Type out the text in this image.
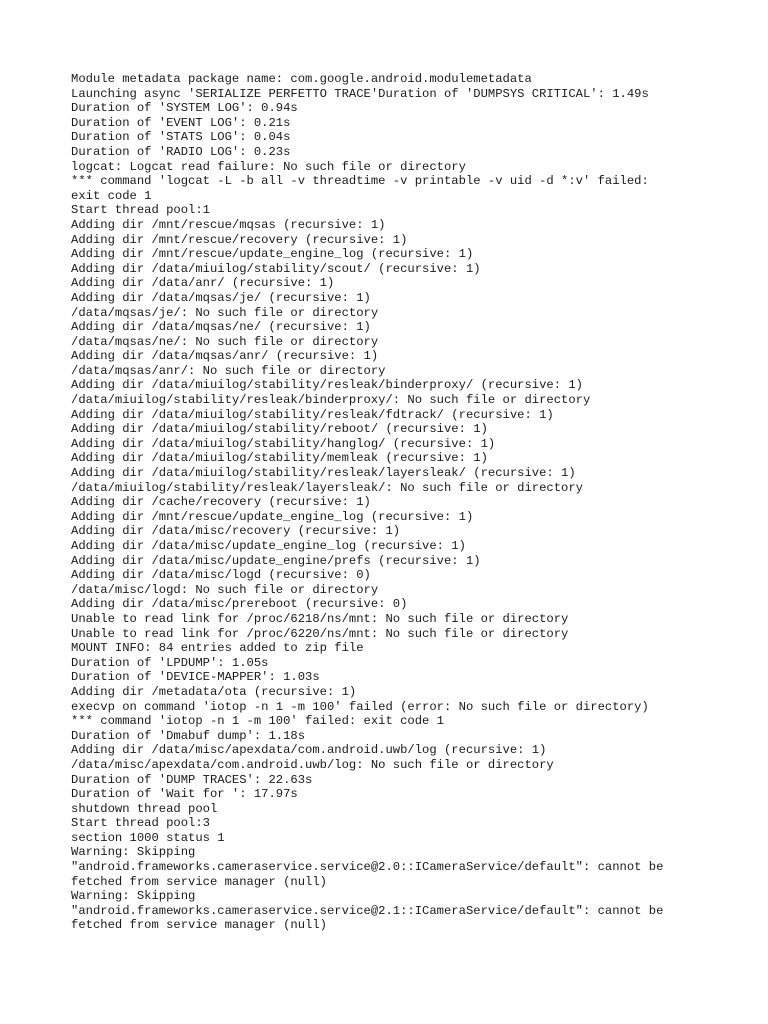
Module metadata package name: com.google.android.modulemetadata
Launching async 'SERIALIZE PERFETTO TRACE'Duration of 'DUMPSYS CRITICAL': 1.49s
Duration of 'SYSTEM LOG': 0.94s
Duration of 'EVENT LOG': 0.21s
Duration of 'STATS LOG': 0.04s
Duration of 'RADIO LOG': 0.23s
logcat: Logcat read failure: No such file or directory
*** command 'logcat -L -b all -v threadtime -v printable -v uid -d *:v' failed:
exit code 1
Start thread pool:1
Adding dir /mnt/rescue/mqsas (recursive: 1)
Adding dir /mnt/rescue/recovery (recursive: 1)
Adding dir /mnt/rescue/update_engine_log (recursive: 1)
Adding dir /data/miuilog/stability/scout/ (recursive: 1)
Adding dir /data/anr/ (recursive: 1)
Adding dir /data/mqsas/je/ (recursive: 1)
/data/mqsas/je/: No such file or directory
Adding dir /data/mqsas/ne/ (recursive: 1)
/data/mqsas/ne/: No such file or directory
Adding dir /data/mqsas/anr/ (recursive: 1)
/data/mqsas/anr/: No such file or directory
Adding dir /data/miuilog/stability/resleak/binderproxy/ (recursive: 1)
/data/miuilog/stability/resleak/binderproxy/: No such file or directory
Adding dir /data/miuilog/stability/resleak/fdtrack/ (recursive: 1)
Adding dir /data/miuilog/stability/reboot/ (recursive: 1)
Adding dir /data/miuilog/stability/hanglog/ (recursive: 1)
Adding dir /data/miuilog/stability/memleak (recursive: 1)
Adding dir /data/miuilog/stability/resleak/layersleak/ (recursive: 1)
/data/miuilog/stability/resleak/layersleak/: No such file or directory
Adding dir /cache/recovery (recursive: 1)
Adding dir /mnt/rescue/update_engine_log (recursive: 1)
Adding dir /data/misc/recovery (recursive: 1)
Adding dir /data/misc/update_engine_log (recursive: 1)
Adding dir /data/misc/update_engine/prefs (recursive: 1)
Adding dir /data/misc/logd (recursive: 0)
/data/misc/logd: No such file or directory
Adding dir /data/misc/prereboot (recursive: 0)
Unable to read link for /proc/6218/ns/mnt: No such file or directory
Unable to read link for /proc/6220/ns/mnt: No such file or directory
MOUNT INFO: 84 entries added to zip file
Duration of 'LPDUMP': 1.05s
Duration of 'DEVICE-MAPPER': 1.03s
Adding dir /metadata/ota (recursive: 1)
execvp on command 'iotop -n 1 -m 100' failed (error: No such file or directory)
*** command 'iotop -n 1 -m 100' failed: exit code 1
Duration of 'Dmabuf dump': 1.18s
Adding dir /data/misc/apexdata/com.android.uwb/log (recursive: 1)
/data/misc/apexdata/com.android.uwb/log: No such file or directory
Duration of 'DUMP TRACES': 22.63s
Duration of 'Wait for ': 17.97s
shutdown thread pool
Start thread pool:3
section 1000 status 1
Warning: Skipping
"android.frameworks.cameraservice.service@2.0::ICameraService/default": cannot be
fetched from service manager (null)
Warning: Skipping
"android.frameworks.cameraservice.service@2.1::ICameraService/default": cannot be
fetched from service manager (null)
